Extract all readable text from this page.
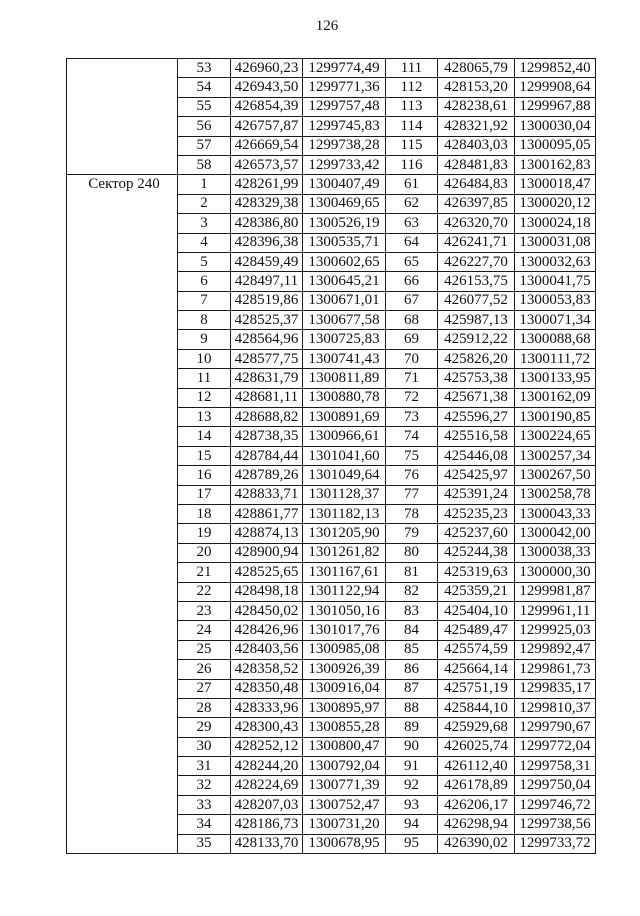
126
	53	426960,23	1299774,49	111	428065,79	1299852,40
	54	426943,50	1299771,36	112	428153,20	1299908,64
	55	426854,39	1299757,48	113	428238,61	1299967,88
	56	426757,87	1299745,83	114	428321,92	1300030,04
	57	426669,54	1299738,28	115	428403,03	1300095,05
	58	426573,57	1299733,42	116	428481,83	1300162,83
Сектор 240	1	428261,99	1300407,49	61	426484,83	1300018,47
	2	428329,38	1300469,65	62	426397,85	1300020,12
	3	428386,80	1300526,19	63	426320,70	1300024,18
	4	428396,38	1300535,71	64	426241,71	1300031,08
	5	428459,49	1300602,65	65	426227,70	1300032,63
	6	428497,11	1300645,21	66	426153,75	1300041,75
	7	428519,86	1300671,01	67	426077,52	1300053,83
	8	428525,37	1300677,58	68	425987,13	1300071,34
	9	428564,96	1300725,83	69	425912,22	1300088,68
	10	428577,75	1300741,43	70	425826,20	1300111,72
	11	428631,79	1300811,89	71	425753,38	1300133,95
	12	428681,11	1300880,78	72	425671,38	1300162,09
	13	428688,82	1300891,69	73	425596,27	1300190,85
	14	428738,35	1300966,61	74	425516,58	1300224,65
	15	428784,44	1301041,60	75	425446,08	1300257,34
	16	428789,26	1301049,64	76	425425,97	1300267,50
	17	428833,71	1301128,37	77	425391,24	1300258,78
	18	428861,77	1301182,13	78	425235,23	1300043,33
	19	428874,13	1301205,90	79	425237,60	1300042,00
	20	428900,94	1301261,82	80	425244,38	1300038,33
	21	428525,65	1301167,61	81	425319,63	1300000,30
	22	428498,18	1301122,94	82	425359,21	1299981,87
	23	428450,02	1301050,16	83	425404,10	1299961,11
	24	428426,96	1301017,76	84	425489,47	1299925,03
	25	428403,56	1300985,08	85	425574,59	1299892,47
	26	428358,52	1300926,39	86	425664,14	1299861,73
	27	428350,48	1300916,04	87	425751,19	1299835,17
	28	428333,96	1300895,97	88	425844,10	1299810,37
	29	428300,43	1300855,28	89	425929,68	1299790,67
	30	428252,12	1300800,47	90	426025,74	1299772,04
	31	428244,20	1300792,04	91	426112,40	1299758,31
	32	428224,69	1300771,39	92	426178,89	1299750,04
	33	428207,03	1300752,47	93	426206,17	1299746,72
	34	428186,73	1300731,20	94	426298,94	1299738,56
	35	428133,70	1300678,95	95	426390,02	1299733,72
